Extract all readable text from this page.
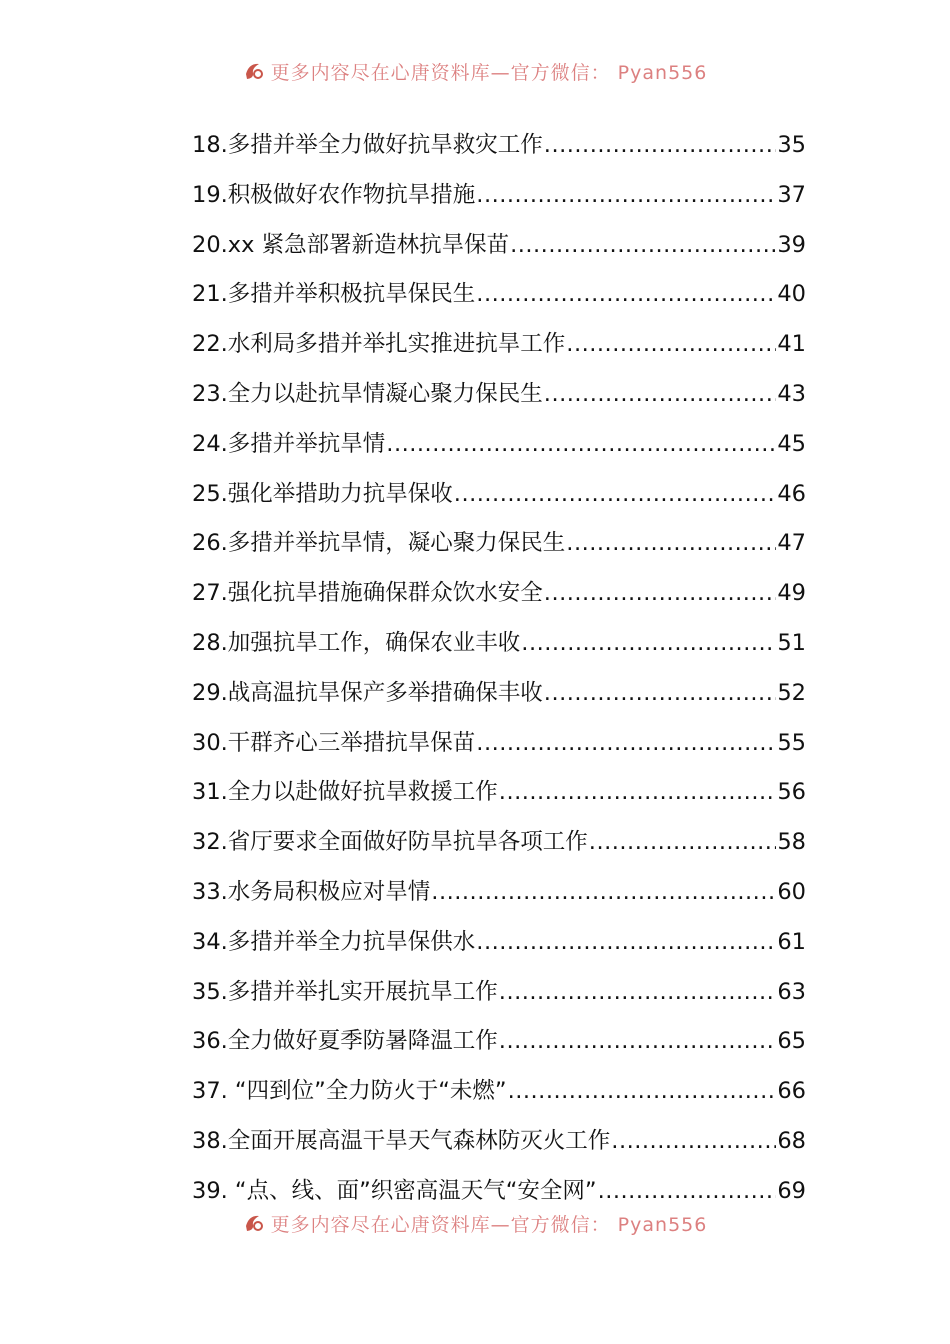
更多内容尽在心唐资料库—官方微信： Pyan556
18.多措并举全力做好抗旱救灾工作 .....	35
19.积极做好农作物抗旱措施 .....	37
20.xx 紧急部署新造林抗旱保苗 .....	39
21.多措并举积极抗旱保民生 .....	40
22.水利局多措并举扎实推进抗旱工作 .....	41
23.全力以赴抗旱情凝心聚力保民生 .....	43
24.多措并举抗旱情 .....	45
25.强化举措助力抗旱保收 .....	46
26.多措并举抗旱情，凝心聚力保民生 .....	47
27.强化抗旱措施确保群众饮水安全 .....	49
28.加强抗旱工作，确保农业丰收 .....	51
29.战高温抗旱保产多举措确保丰收 .....	52
30.干群齐心三举措抗旱保苗 .....	55
31.全力以赴做好抗旱救援工作 .....	56
32.省厅要求全面做好防旱抗旱各项工作 .....	58
33.水务局积极应对旱情 .....	60
34.多措并举全力抗旱保供水 .....	61
35.多措并举扎实开展抗旱工作 .....	63
36.全力做好夏季防暑降温工作 .....	65
37. “四到位”全力防火于“未燃” .....	66
38.全面开展高温干旱天气森林防灭火工作 .....	68
39. “点、线、面”织密高温天气“安全网” .....	69
更多内容尽在心唐资料库—官方微信： Pyan556
